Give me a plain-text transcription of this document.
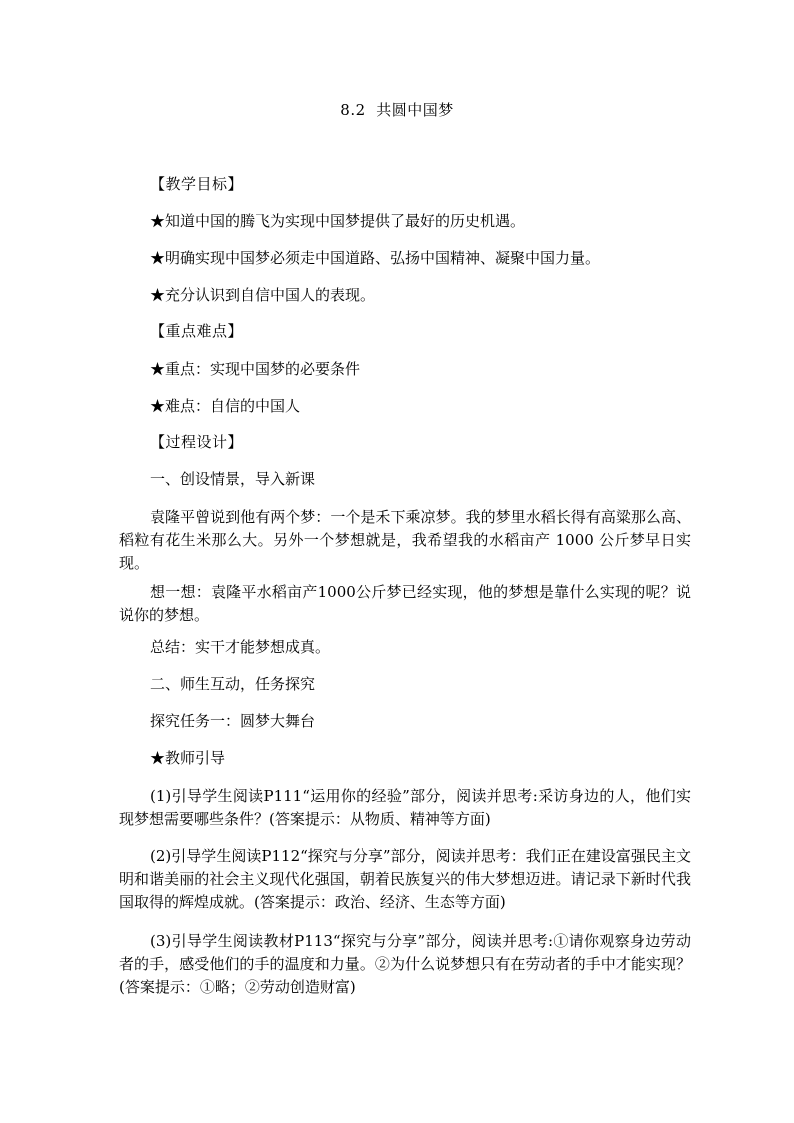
8.2  共圆中国梦
【教学目标】
★知道中国的腾飞为实现中国梦提供了最好的历史机遇。
★明确实现中国梦必须走中国道路、弘扬中国精神、凝聚中国力量。
★充分认识到自信中国人的表现。
【重点难点】
★重点：实现中国梦的必要条件
★难点：自信的中国人
【过程设计】
一、创设情景，导入新课
袁隆平曾说到他有两个梦：一个是禾下乘凉梦。我的梦里水稻长得有高粱那么高、稻粒有花生米那么大。另外一个梦想就是，我希望我的水稻亩产 1000 公斤梦早日实现。
想一想：袁隆平水稻亩产1000公斤梦已经实现，他的梦想是靠什么实现的呢？说说你的梦想。
总结：实干才能梦想成真。
二、师生互动，任务探究
探究任务一：圆梦大舞台
★教师引导
(1)引导学生阅读P111“运用你的经验”部分，阅读并思考:采访身边的人，他们实现梦想需要哪些条件？(答案提示：从物质、精神等方面)
(2)引导学生阅读P112“探究与分享”部分，阅读并思考：我们正在建设富强民主文明和谐美丽的社会主义现代化强国，朝着民族复兴的伟大梦想迈进。请记录下新时代我国取得的辉煌成就。(答案提示：政治、经济、生态等方面)
(3)引导学生阅读教材P113“探究与分享”部分，阅读并思考:①请你观察身边劳动者的手，感受他们的手的温度和力量。②为什么说梦想只有在劳动者的手中才能实现？(答案提示：①略；②劳动创造财富)
